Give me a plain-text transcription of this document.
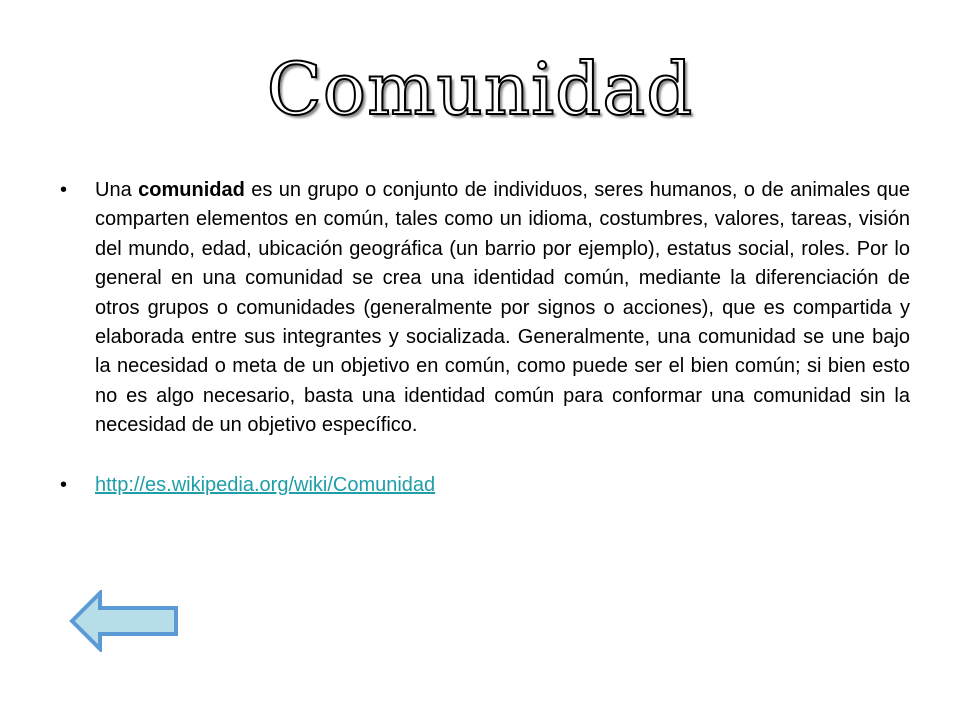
Comunidad
• Una comunidad es un grupo o conjunto de individuos, seres humanos, o de animales que comparten elementos en común, tales como un idioma, costumbres, valores, tareas, visión del mundo, edad, ubicación geográfica (un barrio por ejemplo), estatus social, roles. Por lo general en una comunidad se crea una identidad común, mediante la diferenciación de otros grupos o comunidades (generalmente por signos o acciones), que es compartida y elaborada entre sus integrantes y socializada. Generalmente, una comunidad se une bajo la necesidad o meta de un objetivo en común, como puede ser el bien común; si bien esto no es algo necesario, basta una identidad común para conformar una comunidad sin la necesidad de un objetivo específico.
• http://es.wikipedia.org/wiki/Comunidad
